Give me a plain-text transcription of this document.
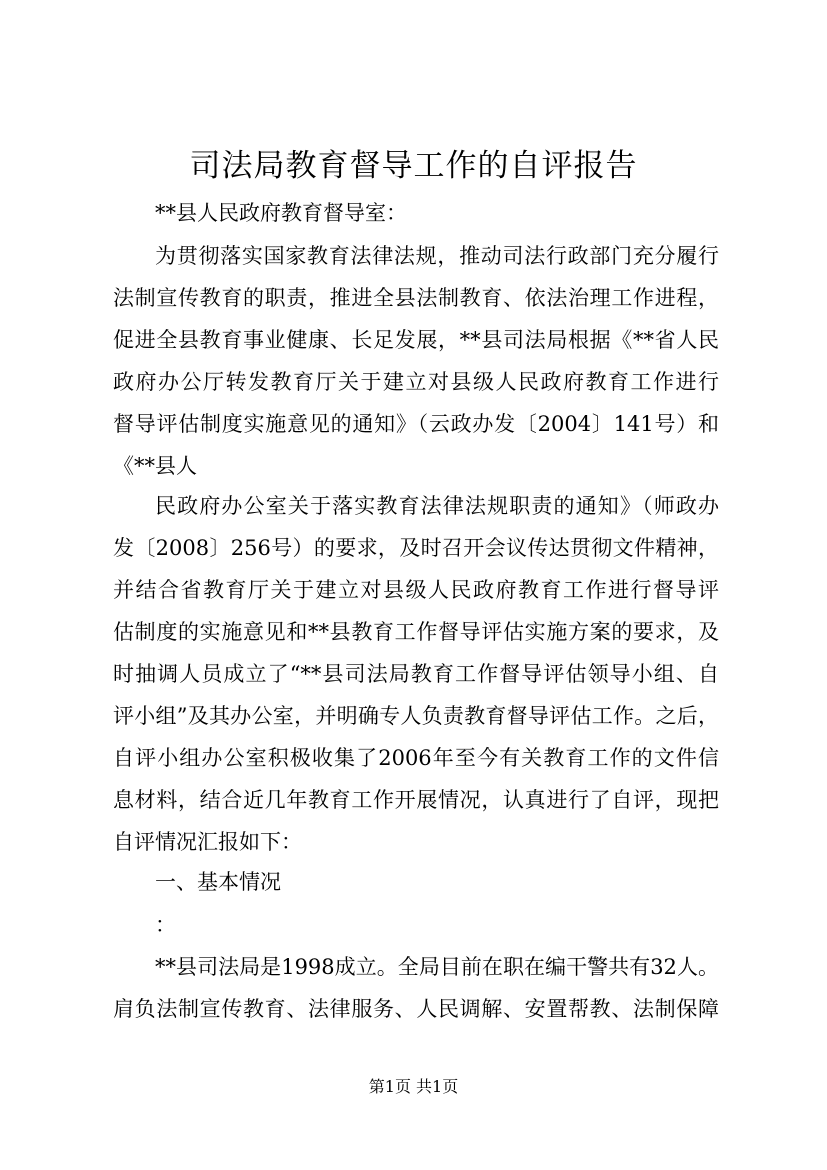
司法局教育督导工作的自评报告
**县人民政府教育督导室：
为贯彻落实国家教育法律法规，推动司法行政部门充分履行
法制宣传教育的职责，推进全县法制教育、依法治理工作进程，
促进全县教育事业健康、长足发展，**县司法局根据《**省人民
政府办公厅转发教育厅关于建立对县级人民政府教育工作进行
督导评估制度实施意见的通知》（云政办发〔2004〕141号）和
《**县人
民政府办公室关于落实教育法律法规职责的通知》（师政办
发〔2008〕256号）的要求，及时召开会议传达贯彻文件精神，
并结合省教育厅关于建立对县级人民政府教育工作进行督导评
估制度的实施意见和**县教育工作督导评估实施方案的要求，及
时抽调人员成立了“**县司法局教育工作督导评估领导小组、自
评小组”及其办公室，并明确专人负责教育督导评估工作。之后，
自评小组办公室积极收集了2006年至今有关教育工作的文件信
息材料，结合近几年教育工作开展情况，认真进行了自评，现把
自评情况汇报如下：
一、基本情况
：
**县司法局是1998成立。全局目前在职在编干警共有32人。
肩负法制宣传教育、法律服务、人民调解、安置帮教、法制保障
第1页 共1页
